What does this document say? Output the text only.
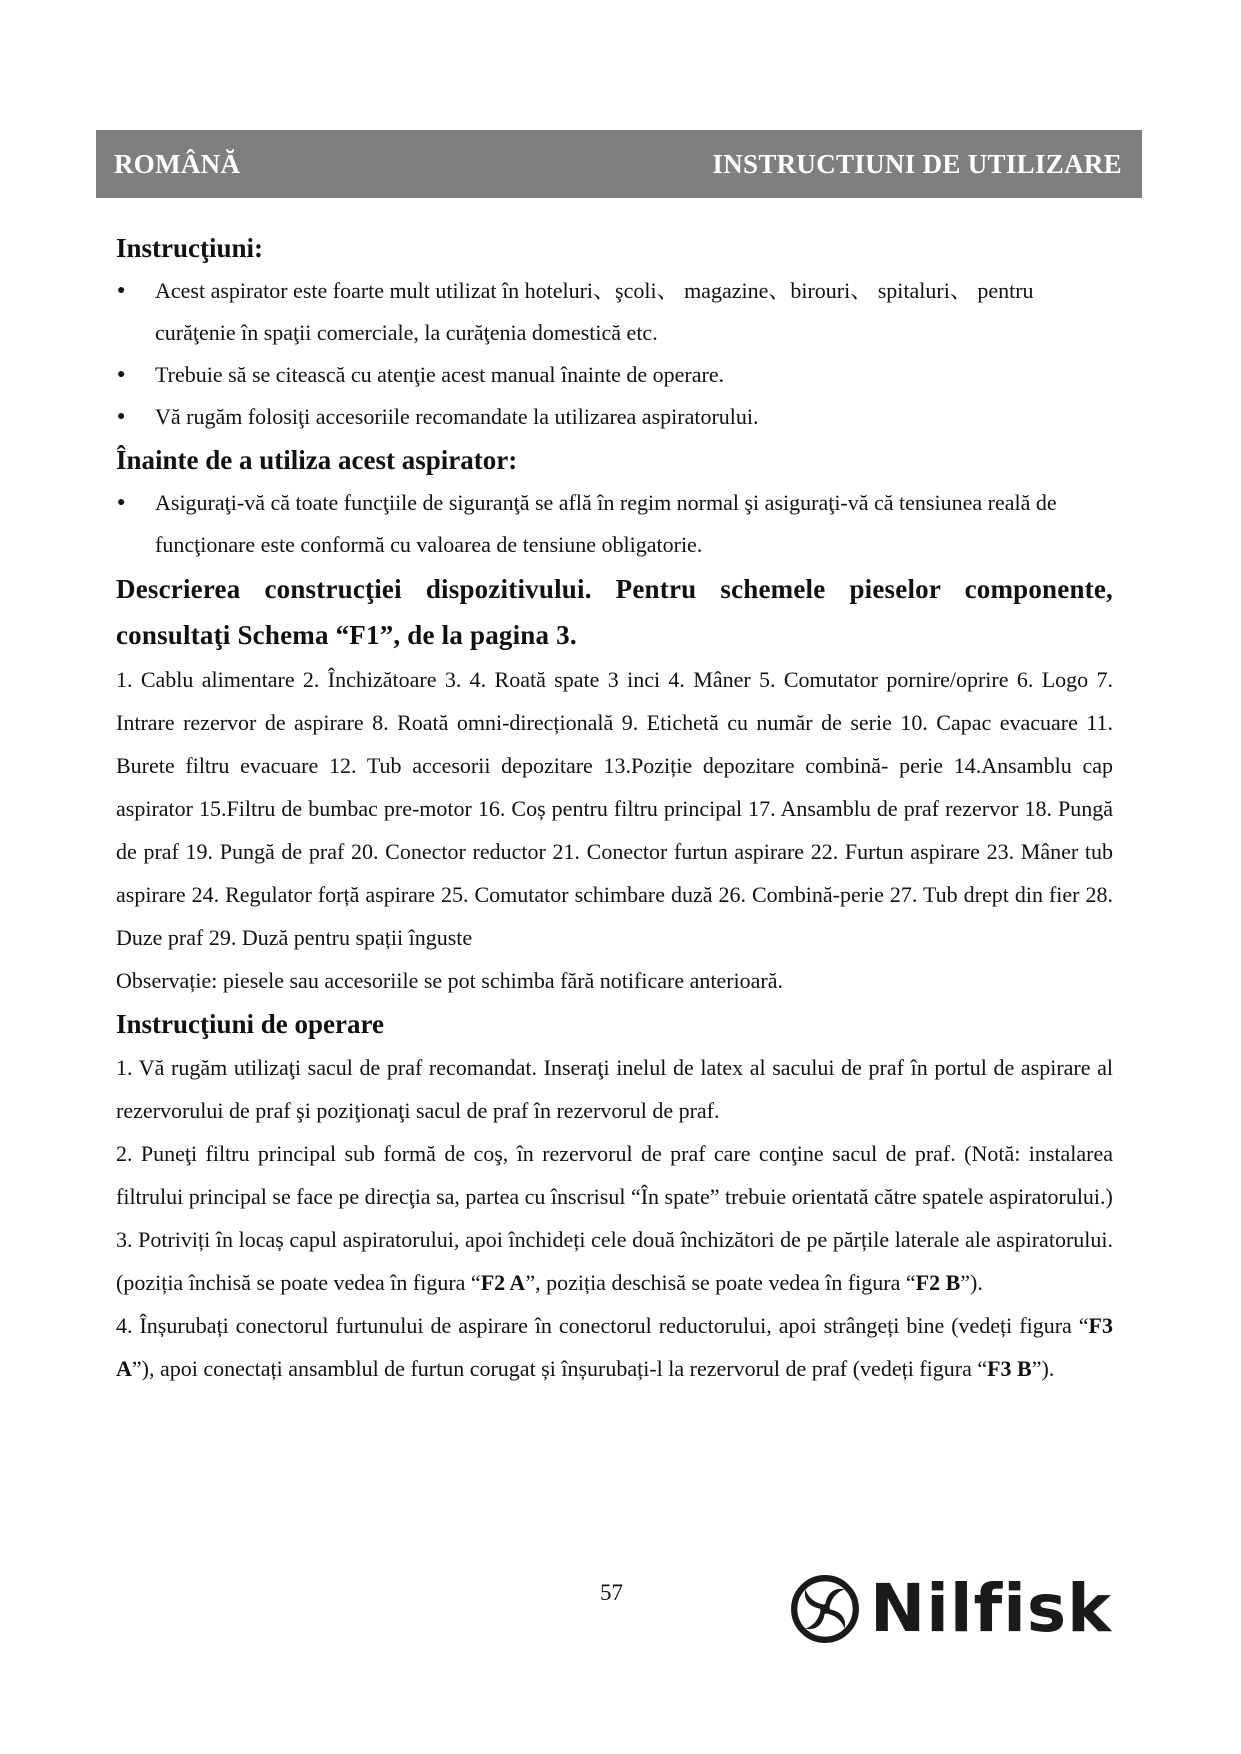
ROMÂNĂ	INSTRUCTIUNI DE UTILIZARE
Instrucţiuni:
● Acest aspirator este foarte mult utilizat în hoteluri、şcoli、 magazine、birouri、 spitaluri、 pentru curăţenie în spaţii comerciale, la curăţenia domestică etc.
● Trebuie să se citească cu atenţie acest manual înainte de operare.
● Vă rugăm folosiţi accesoriile recomandate la utilizarea aspiratorului.
Înainte de a utiliza acest aspirator:
● Asiguraţi-vă că toate funcţiile de siguranţă se află în regim normal şi asiguraţi-vă că tensiunea reală de funcţionare este conformă cu valoarea de tensiune obligatorie.
Descrierea construcţiei dispozitivului. Pentru schemele pieselor componente, consultaţi Schema “F1”, de la pagina 3.

1. Cablu alimentare 2. Închizătoare 3. 4. Roată spate 3 inci 4. Mâner 5. Comutator pornire/oprire 6. Logo 7. Intrare rezervor de aspirare 8. Roată omni-direcțională 9. Etichetă cu număr de serie 10. Capac evacuare 11. Burete filtru evacuare 12. Tub accesorii depozitare 13.Poziție depozitare combină- perie 14.Ansamblu cap aspirator 15.Filtru de bumbac pre-motor 16. Coș pentru filtru principal 17. Ansamblu de praf rezervor 18. Pungă de praf 19. Pungă de praf 20. Conector reductor 21. Conector furtun aspirare 22. Furtun aspirare 23. Mâner tub aspirare 24. Regulator forță aspirare 25. Comutator schimbare duză 26. Combină-perie 27. Tub drept din fier 28. Duze praf 29. Duză pentru spații înguste

Observație: piesele sau accesoriile se pot schimba fără notificare anterioară.

Instrucţiuni de operare

1. Vă rugăm utilizaţi sacul de praf recomandat. Inseraţi inelul de latex al sacului de praf în portul de aspirare al rezervorului de praf şi poziţionaţi sacul de praf în rezervorul de praf.

2. Puneţi filtru principal sub formă de coş, în rezervorul de praf care conţine sacul de praf. (Notă: instalarea filtrului principal se face pe direcţia sa, partea cu înscrisul “În spate” trebuie orientată către spatele aspiratorului.)

3. Potriviți în locaș capul aspiratorului, apoi închideți cele două închizători de pe părțile laterale ale aspiratorului. (poziția închisă se poate vedea în figura “F2 A”, poziția deschisă se poate vedea în figura “F2 B”).

4. Înșurubați conectorul furtunului de aspirare în conectorul reductorului, apoi strângeți bine (vedeți figura “F3 A”), apoi conectați ansamblul de furtun corugat și înșurubați-l la rezervorul de praf (vedeți figura “F3 B”).

57	Nilfisk
